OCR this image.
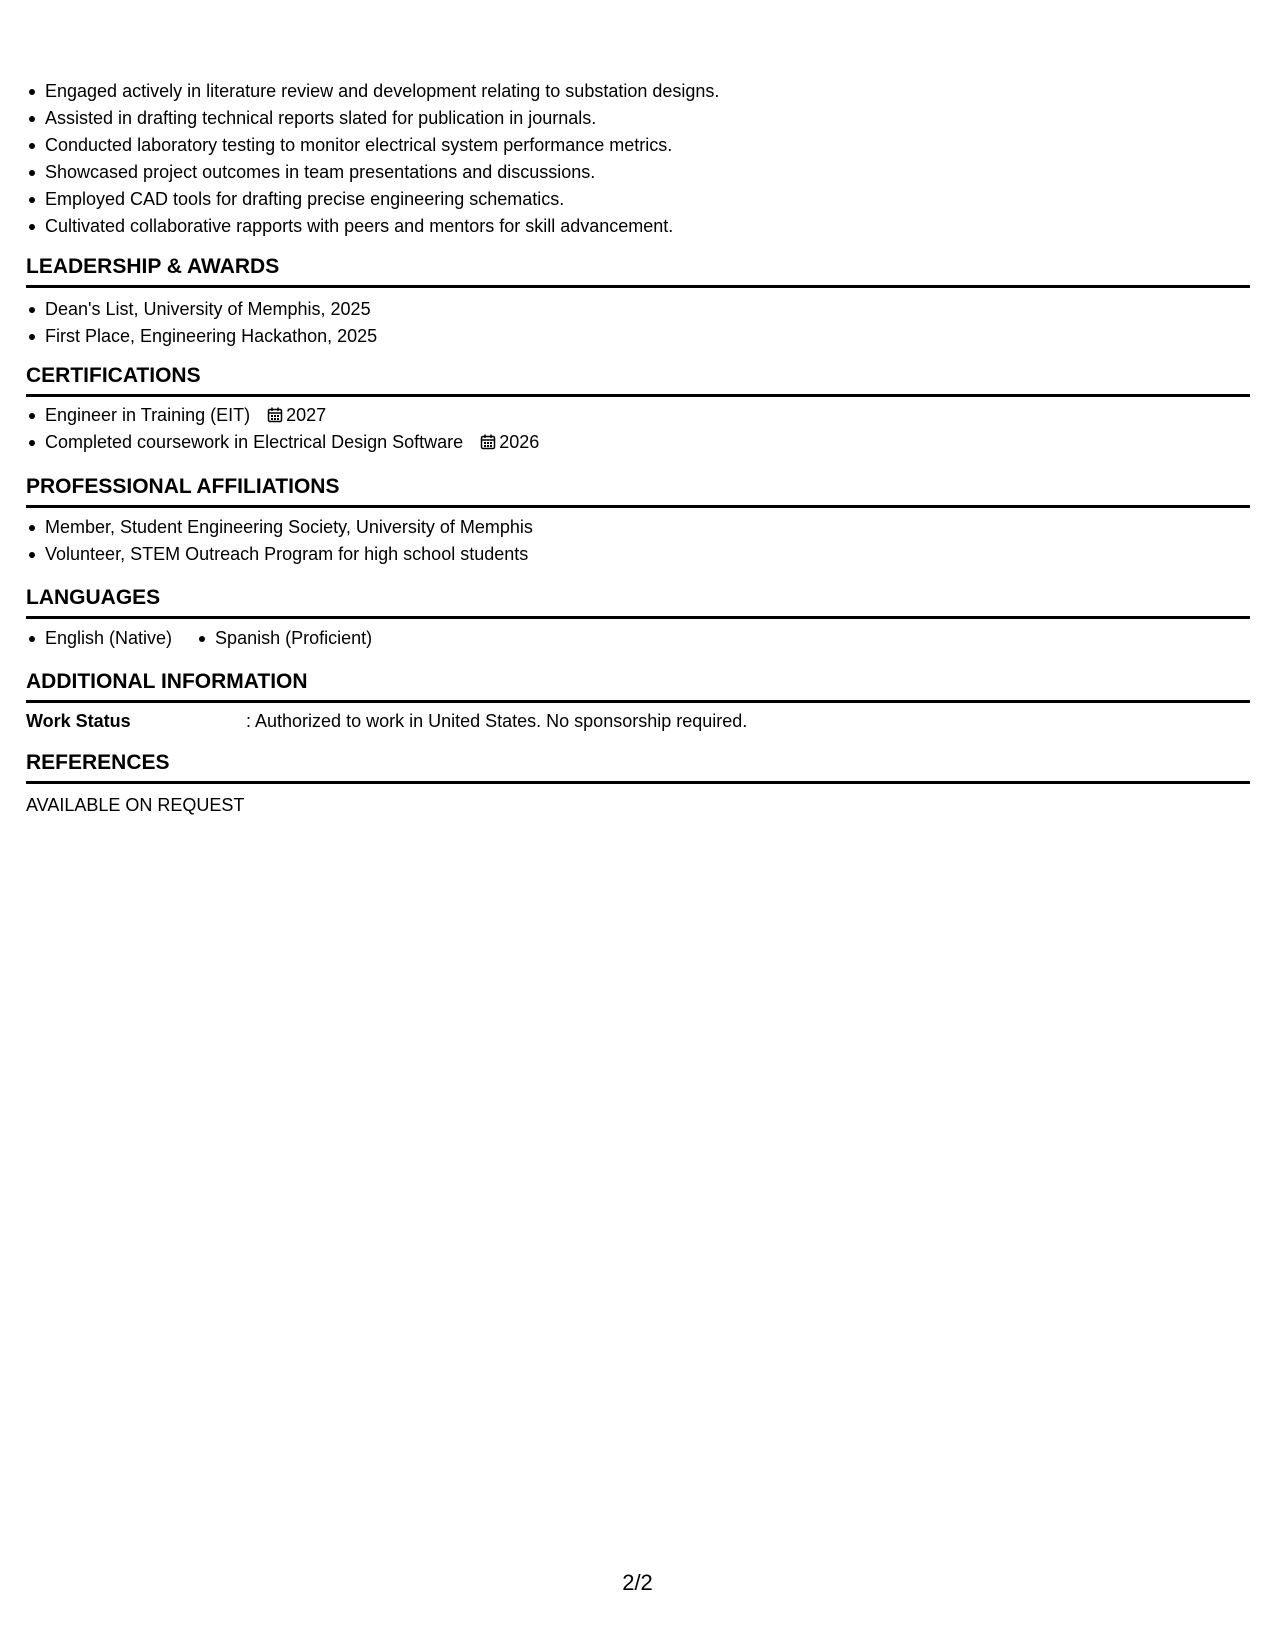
Engaged actively in literature review and development relating to substation designs.
Assisted in drafting technical reports slated for publication in journals.
Conducted laboratory testing to monitor electrical system performance metrics.
Showcased project outcomes in team presentations and discussions.
Employed CAD tools for drafting precise engineering schematics.
Cultivated collaborative rapports with peers and mentors for skill advancement.
LEADERSHIP & AWARDS
Dean's List, University of Memphis, 2025
First Place, Engineering Hackathon, 2025
CERTIFICATIONS
Engineer in Training (EIT) 2027
Completed coursework in Electrical Design Software 2026
PROFESSIONAL AFFILIATIONS
Member, Student Engineering Society, University of Memphis
Volunteer, STEM Outreach Program for high school students
LANGUAGES
English (Native)	Spanish (Proficient)
ADDITIONAL INFORMATION
Work Status	: Authorized to work in United States. No sponsorship required.
REFERENCES
AVAILABLE ON REQUEST
2/2
